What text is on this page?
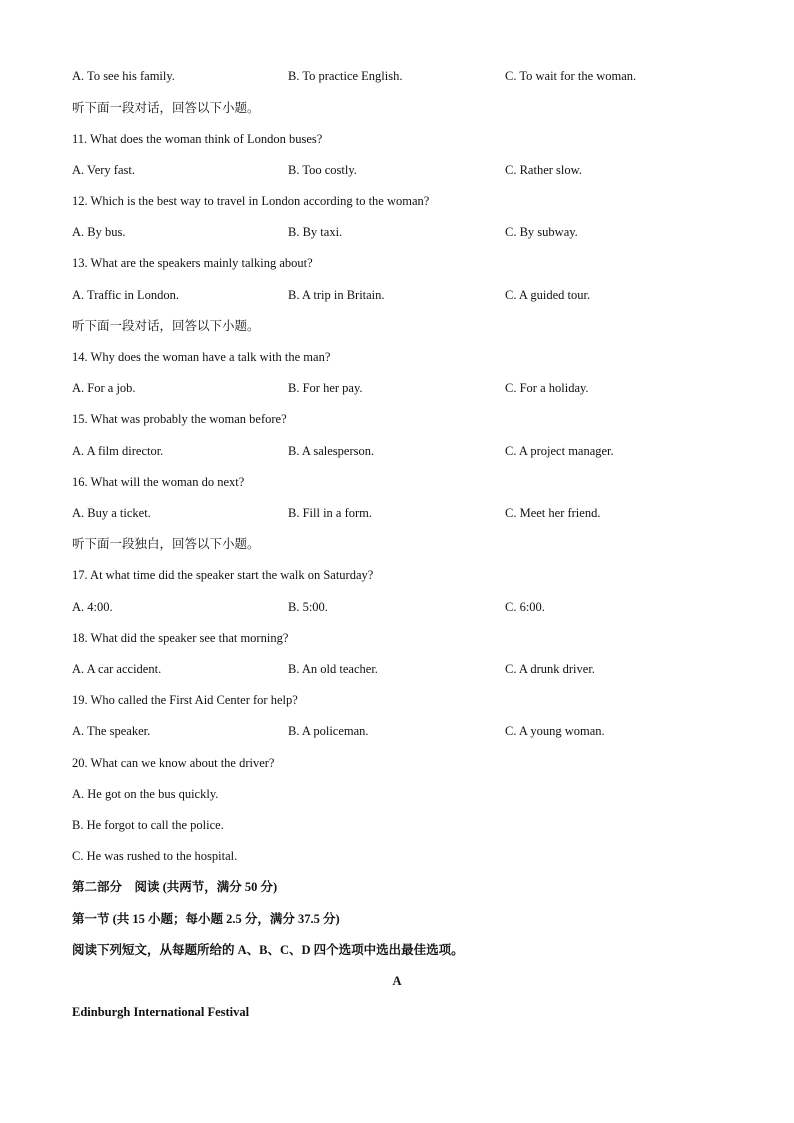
A. To see his family.	B. To practice English.	C. To wait for the woman.
听下面一段对话，回答以下小题。
11. What does the woman think of London buses?
A. Very fast.	B. Too costly.	C. Rather slow.
12. Which is the best way to travel in London according to the woman?
A. By bus.	B. By taxi.	C. By subway.
13. What are the speakers mainly talking about?
A. Traffic in London.	B. A trip in Britain.	C. A guided tour.
听下面一段对话，回答以下小题。
14. Why does the woman have a talk with the man?
A. For a job.	B. For her pay.	C. For a holiday.
15. What was probably the woman before?
A. A film director.	B. A salesperson.	C. A project manager.
16. What will the woman do next?
A. Buy a ticket.	B. Fill in a form.	C. Meet her friend.
听下面一段独白，回答以下小题。
17. At what time did the speaker start the walk on Saturday?
A. 4:00.	B. 5:00.	C. 6:00.
18. What did the speaker see that morning?
A. A car accident.	B. An old teacher.	C. A drunk driver.
19. Who called the First Aid Center for help?
A. The speaker.	B. A policeman.	C. A young woman.
20. What can we know about the driver?
A. He got on the bus quickly.
B. He forgot to call the police.
C. He was rushed to the hospital.
第二部分　阅读 (共两节，满分 50 分)
第一节 (共 15 小题；每小题 2.5 分，满分 37.5 分)
阅读下列短文，从每题所给的 A、B、C、D 四个选项中选出最佳选项。
A
Edinburgh International Festival
